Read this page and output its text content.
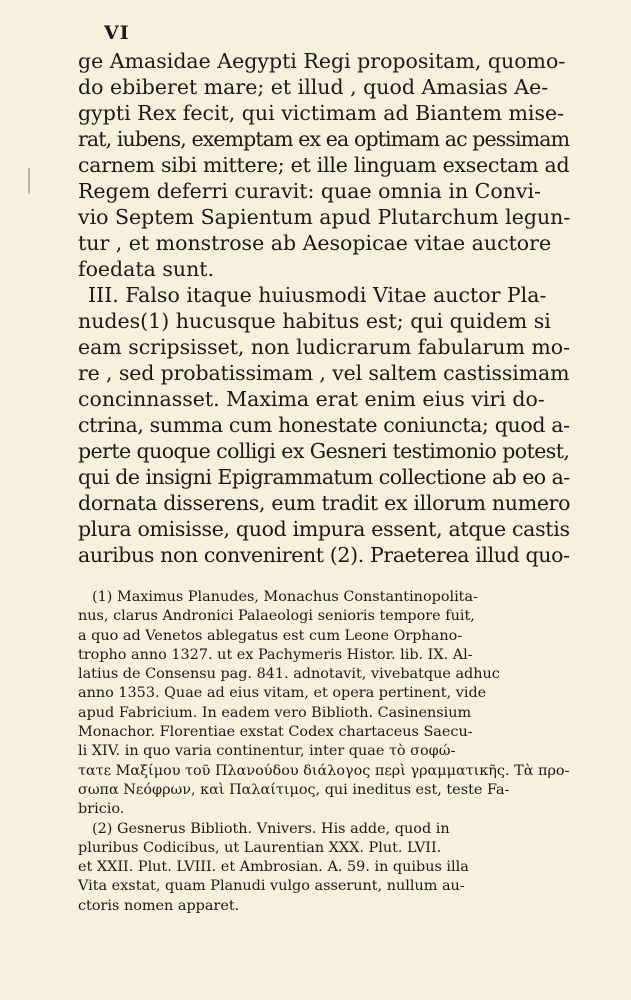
VI
ge Amasidae Aegypti Regi propositam, quomo-
do ebiberet mare; et illud , quod Amasias Ae-
gypti Rex fecit, qui victimam ad Biantem mise-
rat, iubens, exemptam ex ea optimam ac pessimam
carnem sibi mittere; et ille linguam exsectam ad
Regem deferri curavit: quae omnia in Convi-
vio Septem Sapientum apud Plutarchum legun-
tur , et monstrose ab Aesopicae vitae auctore
foedata sunt.
III. Falso itaque huiusmodi Vitae auctor Pla-
nudes(1) hucusque habitus est; qui quidem si
eam scripsisset, non ludicrarum fabularum mo-
re , sed probatissimam , vel saltem castissimam
concinnasset. Maxima erat enim eius viri do-
ctrina, summa cum honestate coniuncta; quod a-
perte quoque colligi ex Gesneri testimonio potest,
qui de insigni Epigrammatum collectione ab eo a-
dornata disserens, eum tradit ex illorum numero
plura omisisse, quod impura essent, atque castis
auribus non convenirent (2). Praeterea illud quo-
(1) Maximus Planudes, Monachus Constantinopolita-
nus, clarus Andronici Palaeologi senioris tempore fuit,
a quo ad Venetos ablegatus est cum Leone Orphano-
tropho anno 1327. ut ex Pachymeris Histor. lib. IX. Al-
latius de Consensu pag. 841. adnotavit, vivebatque adhuc
anno 1353. Quae ad eius vitam, et opera pertinent, vide
apud Fabricium. In eadem vero Biblioth. Casinensium
Monachor. Florentiae exstat Codex chartaceus Saecu-
li XIV. in quo varia continentur, inter quae τὸ σοφώ-
τατε Μαξίμου τοῦ Πλανούδου διάλογος περὶ γραμματικῆς. Τὰ προ-
σωπα Νεόφρων, καὶ Παλαίτιμος, qui ineditus est, teste Fa-
bricio.
(2) Gesnerus Biblioth. Vnivers. His adde, quod in
pluribus Codicibus, ut Laurentian XXX. Plut. LVII.
et XXII. Plut. LVIII. et Ambrosian. A. 59. in quibus illa
Vita exstat, quam Planudi vulgo asserunt, nullum au-
ctoris nomen apparet.
